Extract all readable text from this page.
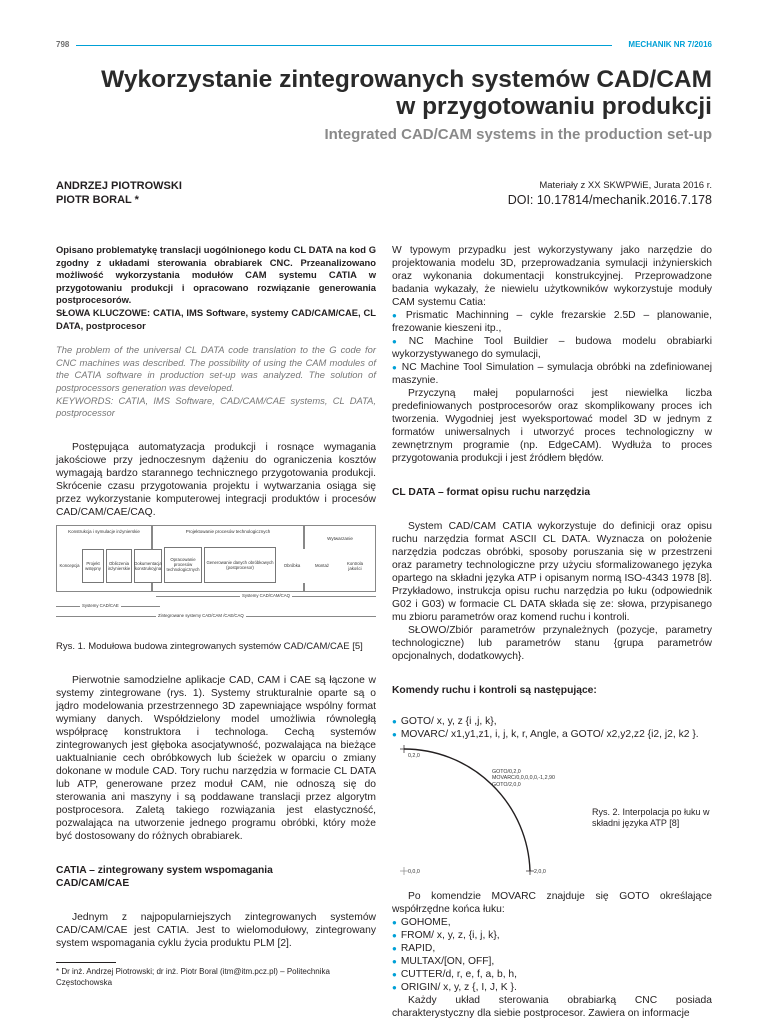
798	MECHANIK NR 7/2016
Wykorzystanie zintegrowanych systemów CAD/CAM
w przygotowaniu produkcji
Integrated CAD/CAM systems in the production set-up
ANDRZEJ PIOTROWSKI
PIOTR BORAL *
Materiały z XX SKWPWiE, Jurata 2016 r.
DOI: 10.17814/mechanik.2016.7.178
Opisano problematykę translacji uogólnionego kodu CL DATA na kod G zgodny z układami sterowania obrabiarek CNC. Przeanalizowano możliwość wykorzystania modułów CAM systemu CATIA w przygotowaniu produkcji i opracowano rozwiązanie generowania postprocesorów.
SŁOWA KLUCZOWE: CATIA, IMS Software, systemy CAD/CAM/CAE, CL DATA, postprocesor
The problem of the universal CL DATA code translation to the G code for CNC machines was described. The possibility of using the CAM modules of the CATIA software in production set-up was analyzed. The solution of postprocessors generation was developed.
KEYWORDS: CATIA, IMS Software, CAD/CAM/CAE systems, CL DATA, postprocessor

Postępująca automatyzacja produkcji i rosnące wymagania jakościowe przy jednoczesnym dążeniu do ograniczenia kosztów wymagają bardzo starannego technicznego przygotowania produkcji. Skrócenie czasu przygotowania projektu i wytwarzania osiąga się przez wykorzystanie komputerowej integracji produktów i procesów CAD/CAM/CAE/CAQ.

Konstrukcja i symulacje inżynierskie	Projektowanie procesów technologicznych
Wytwarzanie
Koncepcja	Projekt wstępny
Obliczenia inżynierskie
Dokumentacja konstrukcyjna
Opracowanie procesów technologicznych
Generowanie danych obróbkowych (postprocesor)	Obróbka	Montaż	Kontrola jakości
Systemy CAD/CAM/CAQ
Systemy CAD/CAE
Zintegrowane systemy CAD/CAM /CAE/CAQ
Rys. 1. Modułowa budowa zintegrowanych systemów CAD/CAM/CAE [5]

Pierwotnie samodzielne aplikacje CAD, CAM i CAE są łączone w systemy zintegrowane (rys. 1). Systemy strukturalnie oparte są o jądro modelowania przestrzennego 3D zapewniające wspólny format wymiany danych. Współdzielony model umożliwia równoległą współpracę konstruktora i technologa. Cechą systemów zintegrowanych jest głęboka asocjatywność, pozwalająca na bieżące uaktualnianie cech obróbkowych lub ścieżek w oparciu o zmiany dokonane w module CAD. Tory ruchu narzędzia w formacie CL DATA lub ATP, generowane przez moduł CAM, nie odnoszą się do sterowania ani maszyny i są poddawane translacji przez algorytm postprocesora. Zaletą takiego rozwiązania jest elastyczność, pozwalająca na utworzenie jednego programu obróbki, który może być dostosowany do różnych obrabiarek.

CATIA – zintegrowany system wspomagania
CAD/CAM/CAE

Jednym z najpopularniejszych zintegrowanych systemów CAD/CAM/CAE jest CATIA. Jest to wielomodułowy, zintegrowany system wspomagania cyklu życia produktu PLM [2].

* Dr inż. Andrzej Piotrowski; dr inż. Piotr Boral (itm@itm.pcz.pl) – Politechnika Częstochowska

W typowym przypadku jest wykorzystywany jako narzędzie do projektowania modelu 3D, przeprowadzania symulacji inżynierskich oraz wykonania dokumentacji konstrukcyjnej. Przeprowadzone badania wykazały, że niewielu użytkowników wykorzystuje moduły CAM systemu Catia:

● Prismatic Machinning – cykle frezarskie 2.5D – planowanie, frezowanie kieszeni itp.,
● NC Machine Tool Buildier – budowa modelu obrabiarki wykorzystywanego do symulacji,
● NC Machine Tool Simulation – symulacja obróbki na zdefiniowanej maszynie.

Przyczyną małej popularności jest niewielka liczba predefiniowanych postprocesorów oraz skomplikowany proces ich tworzenia. Wygodniej jest wyeksportować model 3D w jednym z formatów uniwersalnych i utworzyć proces technologiczny w zewnętrznym programie (np. EdgeCAM). Wydłuża to proces przygotowania produkcji i jest źródłem błędów.

CL DATA – format opisu ruchu narzędzia

System CAD/CAM CATIA wykorzystuje do definicji oraz opisu ruchu narzędzia format ASCII CL DATA. Wyznacza on położenie narzędzia podczas obróbki, sposoby poruszania się w przestrzeni oraz parametry technologiczne przy użyciu sformalizowanego języka opartego na składni języka ATP i opisanym normą ISO-4343 1978 [8]. Przykładowo, instrukcja opisu ruchu narzędzia po łuku (odpowiednik G02 i G03) w formacie CL DATA składa się ze: słowa, przypisanego mu zbioru parametrów oraz komend ruchu i kontroli.

SŁOWO/Zbiór parametrów przynależnych (pozycje, parametry technologiczne) lub parametrów stanu {grupa parametrów opcjonalnych, dodatkowych}.

Komendy ruchu i kontroli są następujące:
● GOTO/ x, y, z {i ,j, k},
● MOVARC/ x1,y1,z1, i, j, k, r, Angle, a GOTO/ x2,y2,z2 {i2, j2, k2 }.
0,2,0
0,0,0	2,0,0
GOTO/0,2,0
MOVARC/0,0,0,0,0,-1,2,90
GOTO/2,0,0
Rys. 2. Interpolacja po łuku w składni języka ATP [8]

Po komendzie MOVARC znajduje się GOTO określające współrzędne końca łuku:

● GOHOME,
● FROM/ x, y, z, {i, j, k},
● RAPID,
● MULTAX/[ON, OFF],
● CUTTER/d, r, e, f, a, b, h,
● ORIGIN/ x, y, z {, I, J, K }.

Każdy układ sterowania obrabiarką CNC posiada charakterystyczny dla siebie postprocesor. Zawiera on informacje
